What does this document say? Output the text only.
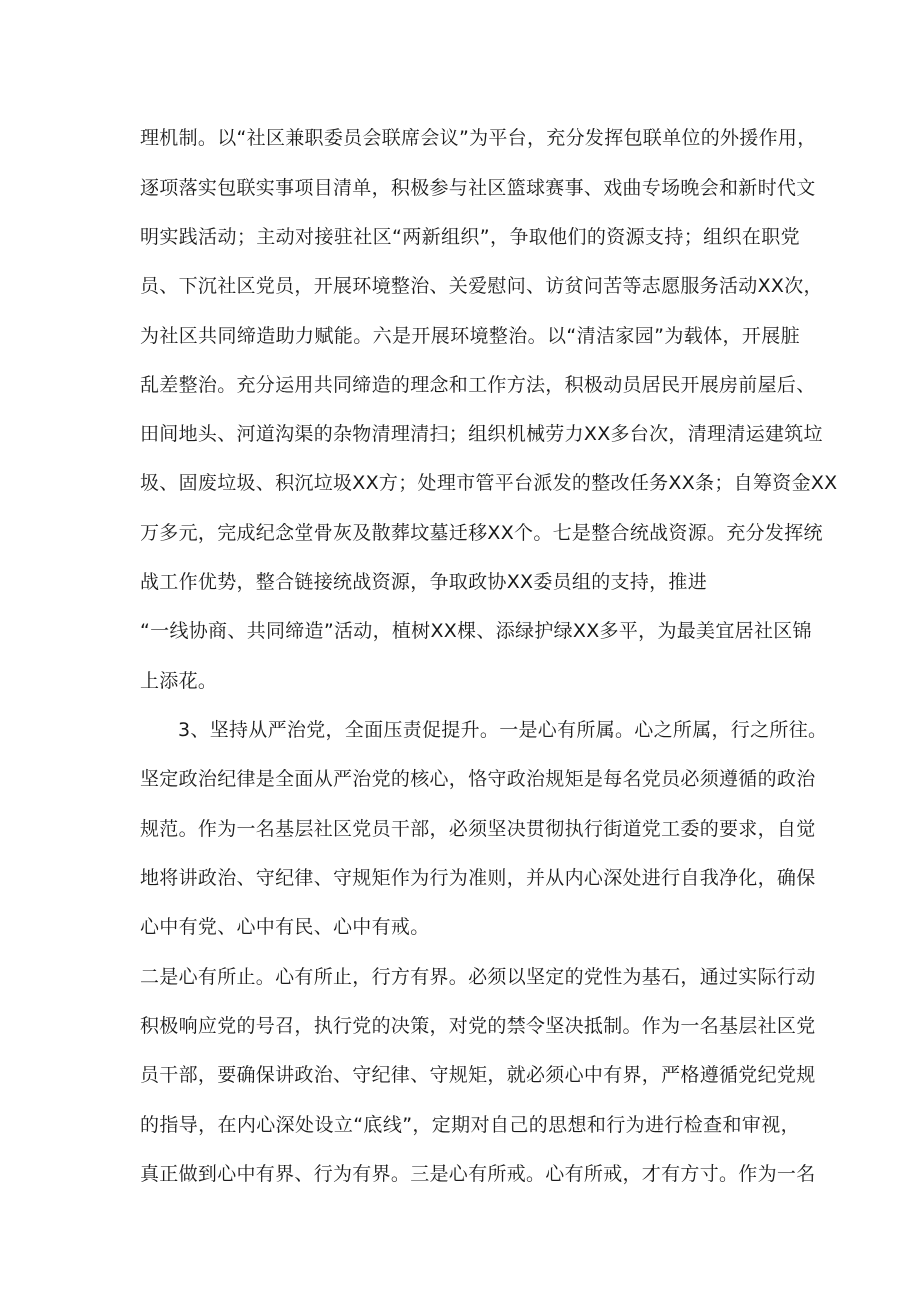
理机制。以“社区兼职委员会联席会议”为平台，充分发挥包联单位的外援作用，

逐项落实包联实事项目清单，积极参与社区篮球赛事、戏曲专场晚会和新时代文

明实践活动；主动对接驻社区“两新组织”，争取他们的资源支持；组织在职党

员、下沉社区党员，开展环境整治、关爱慰问、访贫问苦等志愿服务活动XX次，

为社区共同缔造助力赋能。六是开展环境整治。以“清洁家园”为载体，开展脏

乱差整治。充分运用共同缔造的理念和工作方法，积极动员居民开展房前屋后、

田间地头、河道沟渠的杂物清理清扫；组织机械劳力XX多台次，清理清运建筑垃

圾、固废垃圾、积沉垃圾XX方；处理市管平台派发的整改任务XX条；自筹资金XX

万多元，完成纪念堂骨灰及散葬坟墓迁移XX个。七是整合统战资源。充分发挥统

战工作优势，整合链接统战资源，争取政协XX委员组的支持，推进

“一线协商、共同缔造”活动，植树XX棵、添绿护绿XX多平，为最美宜居社区锦

上添花。

3、坚持从严治党，全面压责促提升。一是心有所属。心之所属，行之所往。

坚定政治纪律是全面从严治党的核心，恪守政治规矩是每名党员必须遵循的政治

规范。作为一名基层社区党员干部，必须坚决贯彻执行街道党工委的要求，自觉

地将讲政治、守纪律、守规矩作为行为准则，并从内心深处进行自我净化，确保

心中有党、心中有民、心中有戒。

二是心有所止。心有所止，行方有界。必须以坚定的党性为基石，通过实际行动

积极响应党的号召，执行党的决策，对党的禁令坚决抵制。作为一名基层社区党

员干部，要确保讲政治、守纪律、守规矩，就必须心中有界，严格遵循党纪党规

的指导，在内心深处设立“底线”，定期对自己的思想和行为进行检查和审视，

真正做到心中有界、行为有界。三是心有所戒。心有所戒，才有方寸。作为一名
